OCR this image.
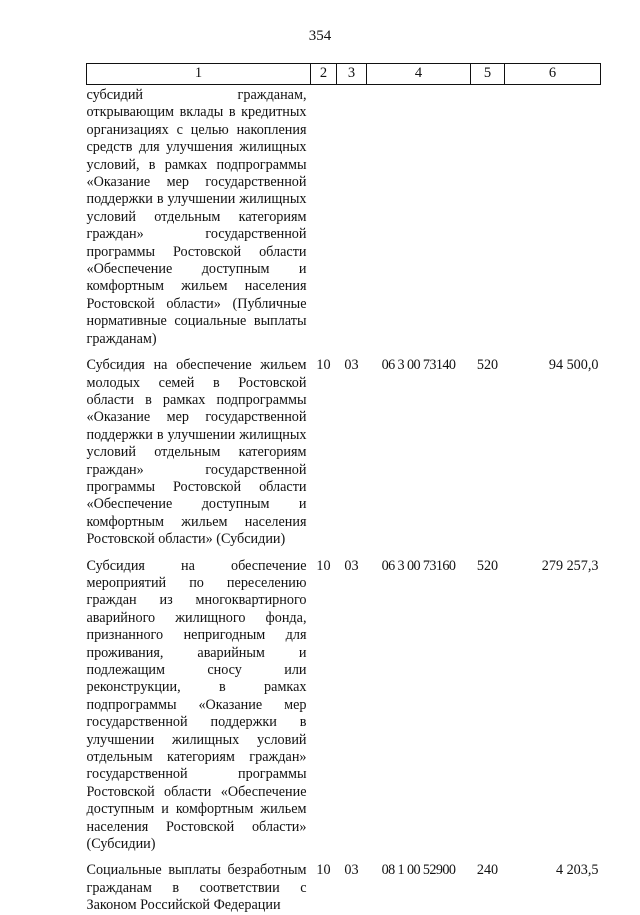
354
1	2	3	4	5	6

субсидий гражданам, открывающим вклады в кредитных организациях с целью накопления средств для улучшения жилищных условий, в рамках подпрограммы «Оказание мер государственной поддержки в улучшении жилищных условий отдельным категориям граждан» государственной программы Ростовской области «Обеспечение доступным и комфортным жильем населения Ростовской области» (Публичные нормативные социальные выплаты гражданам)					

Субсидия на обеспечение жильем молодых семей в Ростовской области в рамках подпрограммы «Оказание мер государственной поддержки в улучшении жилищных условий отдельным категориям граждан» государственной программы Ростовской области «Обеспечение доступным и комфортным жильем населения Ростовской области» (Субсидии)	10	03	06 3 00 73140	520	94 500,0

Субсидия на обеспечение мероприятий по переселению граждан из многоквартирного аварийного жилищного фонда, признанного непригодным для проживания, аварийным и подлежащим сносу или реконструкции, в рамках подпрограммы «Оказание мер государственной поддержки в улучшении жилищных условий отдельным категориям граждан» государственной программы Ростовской области «Обеспечение доступным и комфортным жильем населения Ростовской области» (Субсидии)	10	03	06 3 00 73160	520	279 257,3

Социальные выплаты безработным гражданам в соответствии с Законом Российской Федерации	10	03	08 1 00 52900	240	4 203,5
